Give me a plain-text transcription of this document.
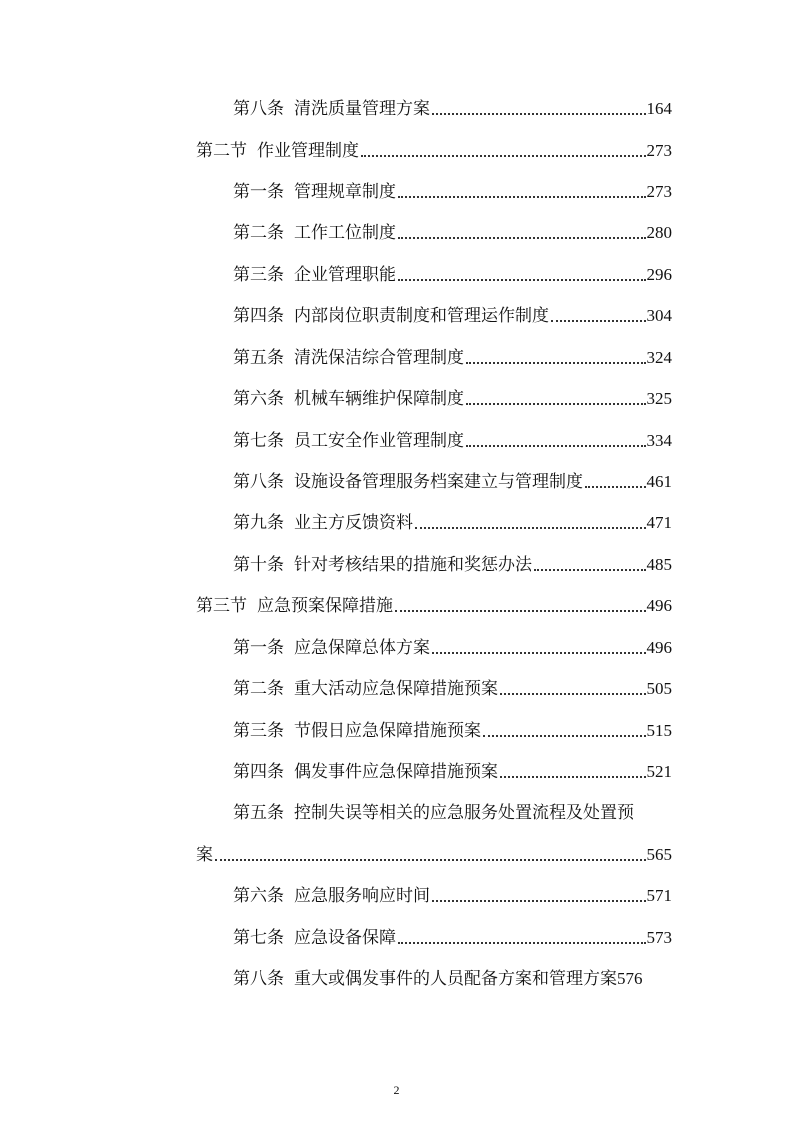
第八条 清洗质量管理方案	164
第二节 作业管理制度	273
第一条 管理规章制度	273
第二条 工作工位制度	280
第三条 企业管理职能	296
第四条 内部岗位职责制度和管理运作制度	304
第五条 清洗保洁综合管理制度	324
第六条 机械车辆维护保障制度	325
第七条 员工安全作业管理制度	334
第八条 设施设备管理服务档案建立与管理制度	461
第九条 业主方反馈资料	471
第十条 针对考核结果的措施和奖惩办法	485
第三节 应急预案保障措施	496
第一条 应急保障总体方案	496
第二条 重大活动应急保障措施预案	505
第三条 节假日应急保障措施预案	515
第四条 偶发事件应急保障措施预案	521
第五条 控制失误等相关的应急服务处置流程及处置预
案	565
第六条 应急服务响应时间	571
第七条 应急设备保障	573
第八条 重大或偶发事件的人员配备方案和管理方案 576
2
